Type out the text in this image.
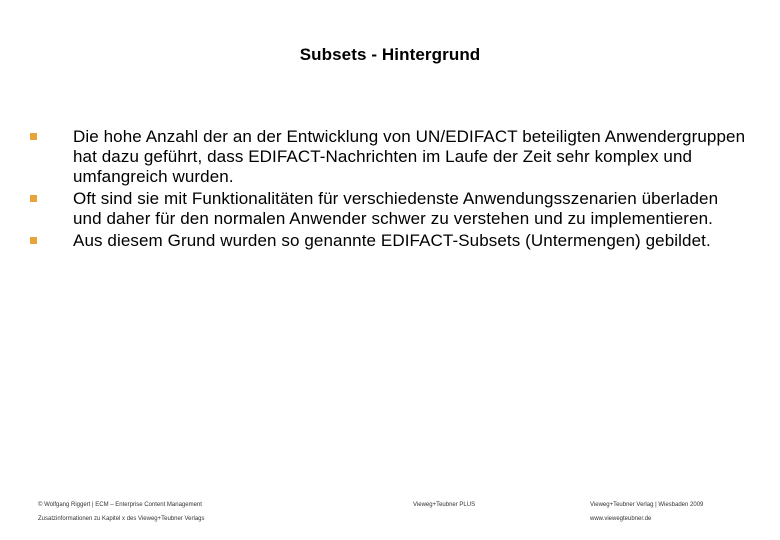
Subsets - Hintergrund
Die hohe Anzahl der an der Entwicklung von UN/EDIFACT beteiligten Anwendergruppen hat dazu geführt, dass EDIFACT-Nachrichten im Laufe der Zeit sehr komplex und umfangreich wurden.
Oft sind sie mit Funktionalitäten für verschiedenste Anwendungsszenarien überladen und daher für den normalen Anwender schwer zu verstehen und zu implementieren.
Aus diesem Grund wurden so genannte EDIFACT-Subsets (Untermengen) gebildet.
© Wolfgang Riggert | ECM – Enterprise Content Management
Zusatzinformationen zu Kapitel x des Vieweg+Teubner Verlags
Vieweg+Teubner PLUS	Vieweg+Teubner Verlag | Wiesbaden 2009
www.viewegteubner.de
